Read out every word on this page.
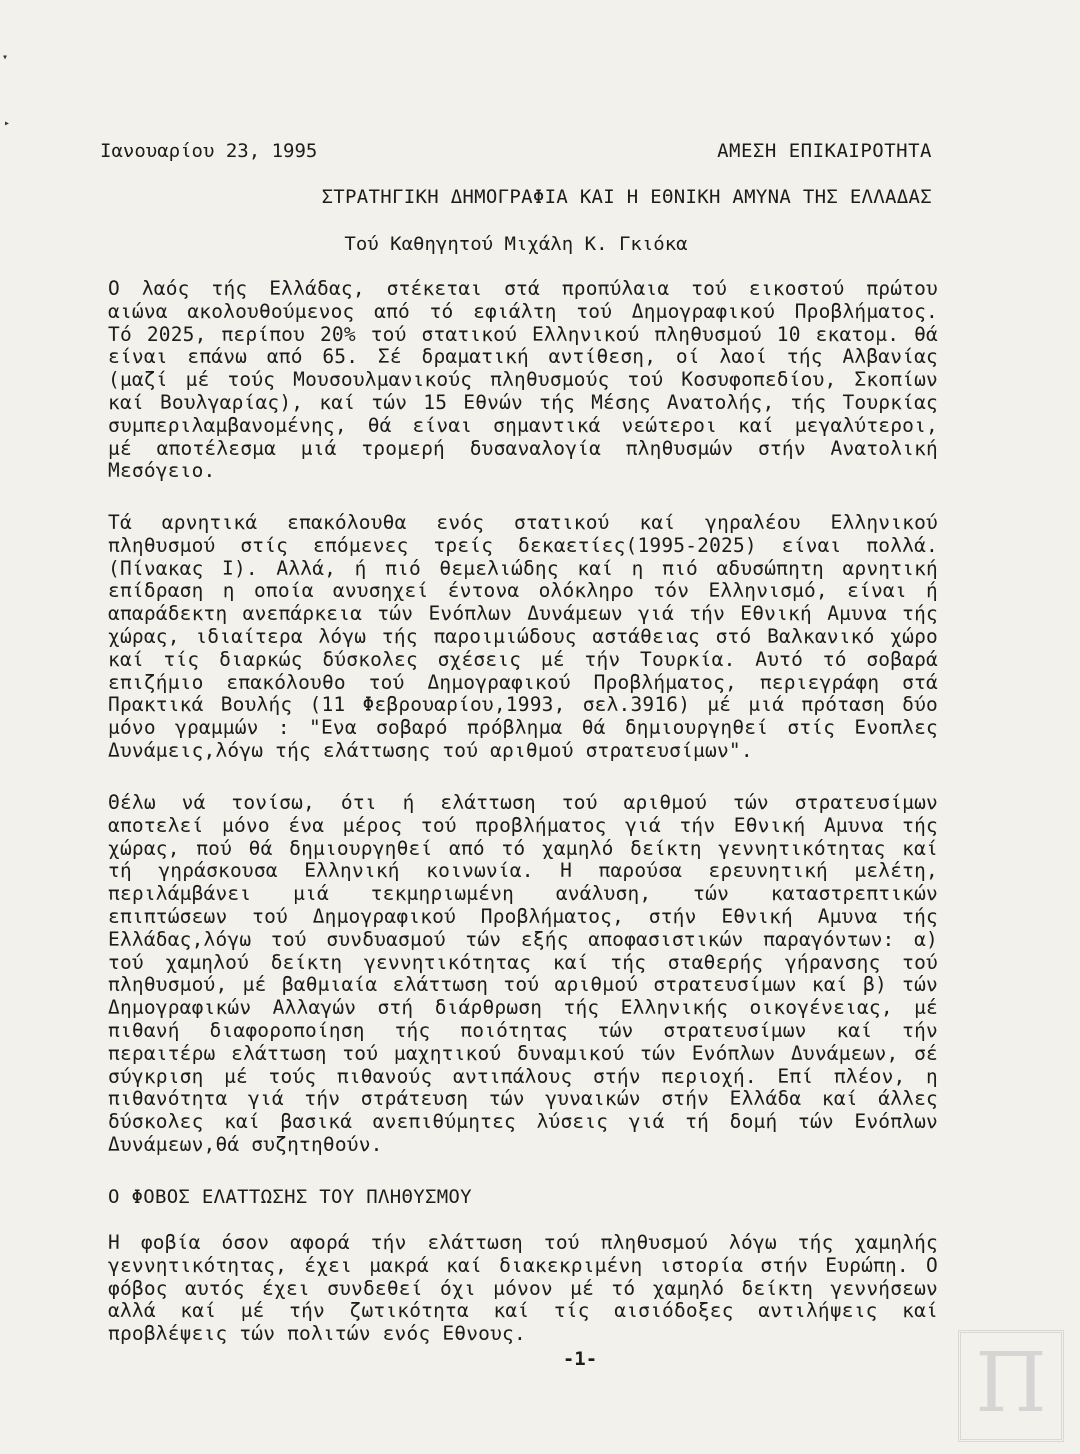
▾
▸
Ιανουαρίου 23, 1995	ΑΜΕΣΗ ΕΠΙΚΑΙΡΟΤΗΤΑ
ΣΤΡΑΤΗΓΙΚΗ ΔΗΜΟΓΡΑΦΙΑ ΚΑΙ Η ΕΘΝΙΚΗ ΑΜΥΝΑ ΤΗΣ ΕΛΛΑΔΑΣ
Τού Καθηγητού Μιχάλη Κ. Γκιόκα

Ο λαός τής Ελλάδας, στέκεται στά προπύλαια τού εικοστού πρώτου
αιώνα ακολουθούμενος από τό εφιάλτη τού Δημογραφικού Προβλήματος.
Τό 2025, περίπου 20% τού στατικού Ελληνικού πληθυσμού 10 εκατομ. θά
είναι επάνω από 65. Σέ δραματική αντίθεση, οί λαοί τής Αλβανίας
(μαζί μέ τούς Μουσουλμανικούς πληθυσμούς τού Κοσυφοπεδίου, Σκοπίων
καί Βουλγαρίας), καί τών 15 Εθνών τής Μέσης Ανατολής, τής Τουρκίας
συμπεριλαμβανομένης, θά είναι σημαντικά νεώτεροι καί μεγαλύτεροι,
μέ αποτέλεσμα μιά τρομερή δυσαναλογία πληθυσμών στήν Ανατολική
Μεσόγειο.

Τά αρνητικά επακόλουθα ενός στατικού καί γηραλέου Ελληνικού
πληθυσμού στίς επόμενες τρείς δεκαετίες(1995-2025) είναι πολλά.
(Πίνακας Ι). Αλλά, ή πιό θεμελιώδης καί η πιό αδυσώπητη αρνητική
επίδραση η οποία ανυσηχεί έντονα ολόκληρο τόν Ελληνισμό, είναι ή
απαράδεκτη ανεπάρκεια τών Ενόπλων Δυνάμεων γιά τήν Εθνική Αμυνα τής
χώρας, ιδιαίτερα λόγω τής παροιμιώδους αστάθειας στό Βαλκανικό χώρο
καί τίς διαρκώς δύσκολες σχέσεις μέ τήν Τουρκία. Αυτό τό σοβαρά
επιζήμιο επακόλουθο τού Δημογραφικού Προβλήματος, περιεγράφη στά
Πρακτικά Βουλής (11 Φεβρουαρίου,1993, σελ.3916) μέ μιά πρόταση δύο
μόνο γραμμών : "Ενα σοβαρό πρόβλημα θά δημιουργηθεί στίς Ενοπλες
Δυνάμεις,λόγω τής ελάττωσης τού αριθμού στρατευσίμων".

Θέλω νά τονίσω, ότι ή ελάττωση τού αριθμού τών στρατευσίμων
αποτελεί μόνο ένα μέρος τού προβλήματος γιά τήν Εθνική Αμυνα τής
χώρας, πού θά δημιουργηθεί από τό χαμηλό δείκτη γεννητικότητας καί
τή γηράσκουσα Ελληνική κοινωνία. Η παρούσα ερευνητική μελέτη,
περιλάμβάνει μιά τεκμηριωμένη ανάλυση, τών καταστρεπτικών
επιπτώσεων τού Δημογραφικού Προβλήματος, στήν Εθνική Αμυνα τής
Ελλάδας,λόγω τού συνδυασμού τών εξής αποφασιστικών παραγόντων: α)
τού χαμηλού δείκτη γεννητικότητας καί τής σταθερής γήρανσης τού
πληθυσμού, μέ βαθμιαία ελάττωση τού αριθμού στρατευσίμων καί β) τών
Δημογραφικών Αλλαγών στή διάρθρωση τής Ελληνικής οικογένειας, μέ
πιθανή διαφοροποίηση τής ποιότητας τών στρατευσίμων καί τήν
περαιτέρω ελάττωση τού μαχητικού δυναμικού τών Ενόπλων Δυνάμεων, σέ
σύγκριση μέ τούς πιθανούς αντιπάλους στήν περιοχή. Επί πλέον, η
πιθανότητα γιά τήν στράτευση τών γυναικών στήν Ελλάδα καί άλλες
δύσκολες καί βασικά ανεπιθύμητες λύσεις γιά τή δομή τών Ενόπλων
Δυνάμεων,θά συζητηθούν.

Ο ΦΟΒΟΣ ΕΛΑΤΤΩΣΗΣ ΤΟΥ ΠΛΗΘΥΣΜΟΥ

Η φοβία όσον αφορά τήν ελάττωση τού πληθυσμού λόγω τής χαμηλής
γεννητικότητας, έχει μακρά καί διακεκριμένη ιστορία στήν Ευρώπη. Ο
φόβος αυτός έχει συνδεθεί όχι μόνον μέ τό χαμηλό δείκτη γεννήσεων
αλλά καί μέ τήν ζωτικότητα καί τίς αισιόδοξες αντιλήψεις καί
προβλέψεις τών πολιτών ενός Εθνους.

-1-	Π
